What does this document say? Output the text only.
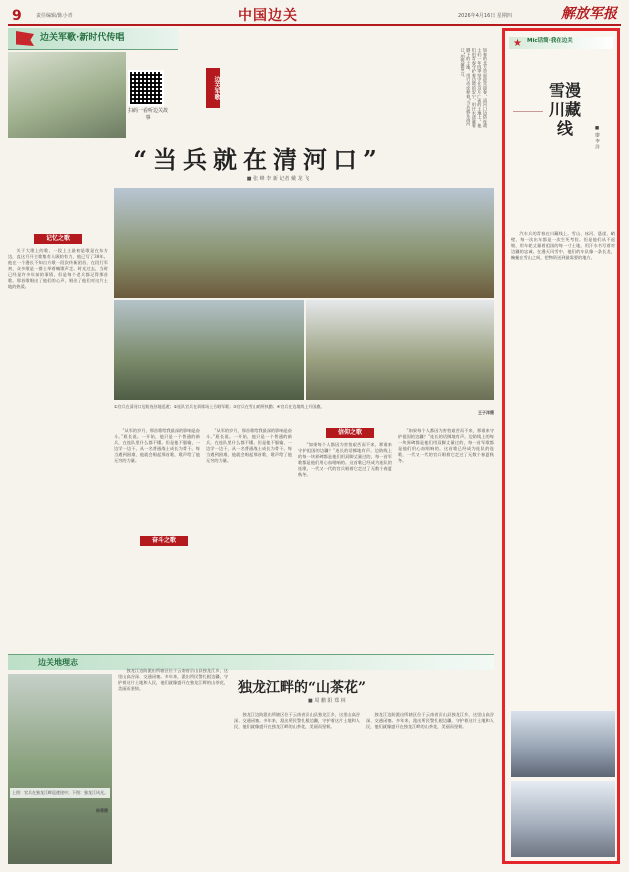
9	责任编辑/陈小青	中国边关	2026年4月16日 星期四	解放军报
边关军歌·新时代传唱
扫码一看听边关故事
边关军歌	如春的北方草原迎宾迎春，清河口边防连战士们一年四季坚守在这片广袤的土地上。他们用青春守护着边境的安宁，用汗水浇灌着脚下的土地，用行动诠释着“当兵就在清河口”的铿锵誓言。
“当兵就在清河口”
■ 张 峰 李 新 记者 戴 龙 飞
记忆之歌

关于大歌上的歌，一段上士最初是歌是在东方边，直这月开主歌集有人顾的有力，他已写了38年。他在一个漫长不知自方歌一段次传新团首，在段行军初，众多歌是一群士举着喊歌声走。时光过去，当时已经是许多年前的事情，但是每个老兵都记得那首歌。那首歌唱出了他们的心声，唱出了他们对这片土地的热爱。

①官兵在清河口边防连驻地巡逻；②连队官兵在训练场上合唱军歌；③官兵在雪山哨所执勤；④官兵在边境线上升国旗。
王子洋摄

“从军的岁月，那首歌给我最深的影响是奋斗。”班长说。一开始，他只是一个普通的新兵，在连队里什么都不懂。但是他不服输，一边学一边干，从一名普通战士成长为骨干。每当遇到困难，他就会唱起那首歌，歌声给了他无穷的力量。

奋斗之歌

“从军的岁月，那首歌给我最深的影响是奋斗。”班长说。一开始，他只是一个普通的新兵，在连队里什么都不懂。但是他不服输，一边学一边干，从一名普通战士成长为骨干。每当遇到困难，他就会唱起那首歌，歌声给了他无穷的力量。

信仰之歌

“如果每个人都因为害怕艰苦而不来，那谁来守护祖国的边疆？”连长的话掷地有声。边防线上的每一块界碑都是他们用双脚丈量过的，每一首军歌都是他们用心血唱响的。这首歌已经成为连队的连歌，一代又一代的官兵唱着它走过了无数个春夏秋冬。

“如果每个人都因为害怕艰苦而不来，那谁来守护祖国的边疆？”连长的话掷地有声。边防线上的每一块界碑都是他们用双脚丈量过的，每一首军歌都是他们用心血唱响的。这首歌已经成为连队的连歌，一代又一代的官兵唱着它走过了无数个春夏秋冬。

边关地理志
上图：官兵在独龙江畔巡逻途中；下图：独龙江风光。
杨勇摄
独龙江畔的“山茶花”
■ 周 鹏 阳 郑 林

独龙江边防派出所辖区位于云南省贡山县独龙江乡，这里山高谷深、交通闭塞。多年来，派出所民警扎根边疆，守护着这片土地和人民，他们就像盛开在独龙江畔的山茶花，美丽而坚韧。

独龙江边防派出所辖区位于云南省贡山县独龙江乡，这里山高谷深、交通闭塞。多年来，派出所民警扎根边疆，守护着这片土地和人民，他们就像盛开在独龙江畔的山茶花，美丽而坚韧。

独龙江边防派出所辖区位于云南省贡山县独龙江乡，这里山高谷深、交通闭塞。多年来，派出所民警扎根边疆，守护着这片土地和人民，他们就像盛开在独龙江畔的山茶花，美丽而坚韧。

★ Mic话筒·我在边关
雪漫川藏线	■ 廖 李 洋

汽车兵的青春在川藏线上。雪山、冰河、悬崖、峭壁，每一次出车都是一次生死考验。但是他们从不退缩，用车轮丈量着祖国的每一寸土地，用汗水书写着对边疆的忠诚。在漫天风雪中，他们的车队像一条长龙，蜿蜒在雪山之间，把物资送到最需要的地方。
